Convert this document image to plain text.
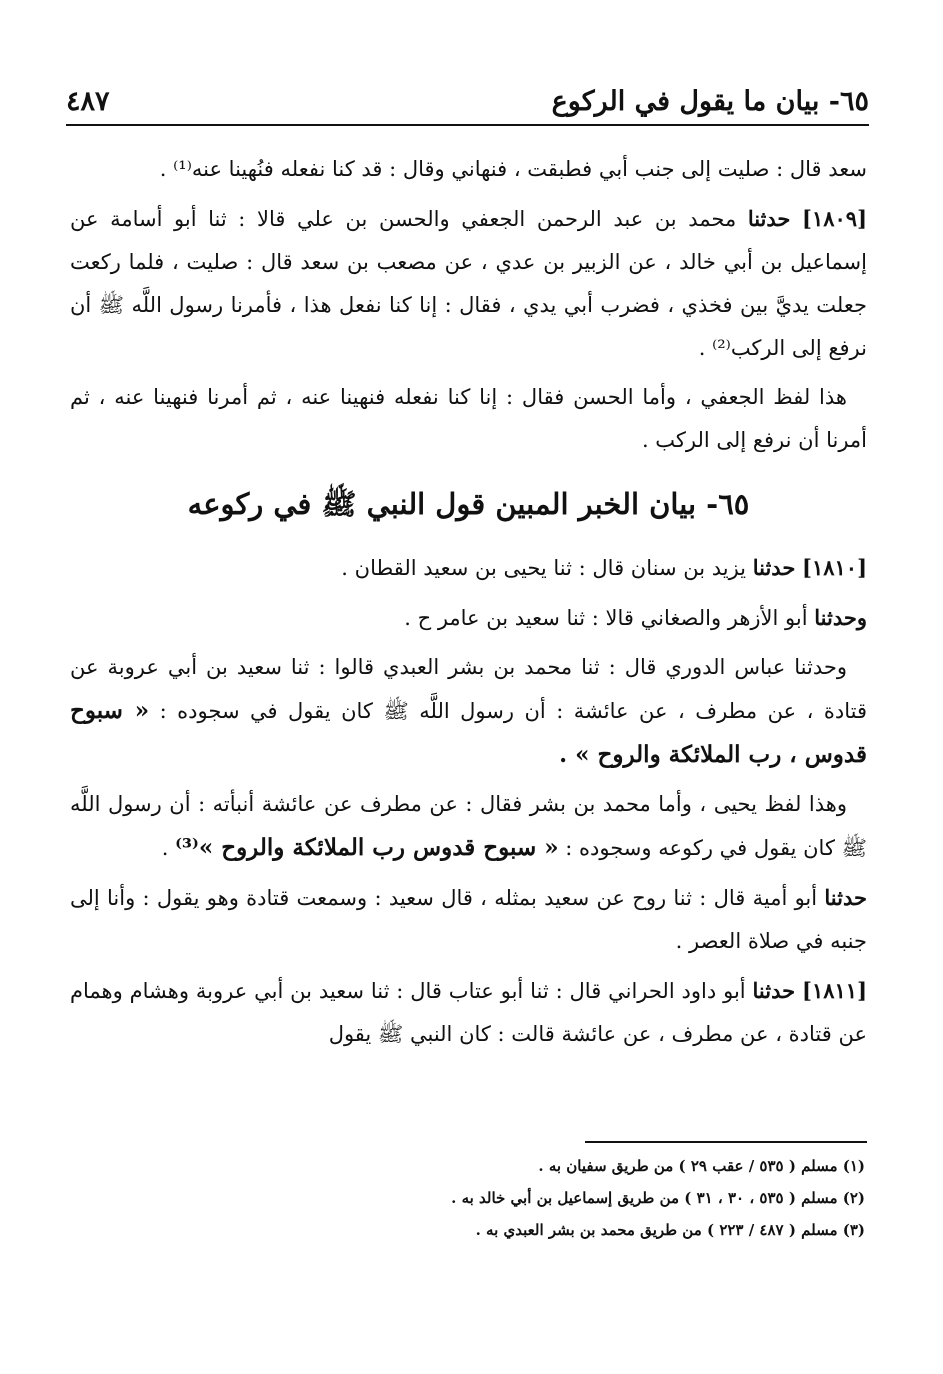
٦٥- بيان ما يقول في الركوع
٤٨٧

سعد قال : صليت إلى جنب أبي فطبقت ، فنهاني وقال : قد كنا نفعله فنُهينا عنه⁽¹⁾ .

[١٨٠٩] حدثنا محمد بن عبد الرحمن الجعفي والحسن بن علي قالا : ثنا أبو أسامة عن إسماعيل بن أبي خالد ، عن الزبير بن عدي ، عن مصعب بن سعد قال : صليت ، فلما ركعت جعلت يديَّ بين فخذي ، فضرب أبي يدي ، فقال : إنا كنا نفعل هذا ، فأمرنا رسول اللَّه ﷺ أن نرفع إلى الركب⁽²⁾ .

هذا لفظ الجعفي ، وأما الحسن فقال : إنا كنا نفعله فنهينا عنه ، ثم أمرنا فنهينا عنه ، ثم أمرنا أن نرفع إلى الركب .

٦٥- بيان الخبر المبين قول النبي ﷺ في ركوعه

[١٨١٠] حدثنا يزيد بن سنان قال : ثنا يحيى بن سعيد القطان .

وحدثنا أبو الأزهر والصغاني قالا : ثنا سعيد بن عامر ح .

وحدثنا عباس الدوري قال : ثنا محمد بن بشر العبدي قالوا : ثنا سعيد بن أبي عروبة عن قتادة ، عن مطرف ، عن عائشة : أن رسول اللَّه ﷺ كان يقول في سجوده : « سبوح قدوس ، رب الملائكة والروح » .

وهذا لفظ يحيى ، وأما محمد بن بشر فقال : عن مطرف عن عائشة أنبأته : أن رسول اللَّه ﷺ كان يقول في ركوعه وسجوده : « سبوح قدوس رب الملائكة والروح »⁽³⁾ .

حدثنا أبو أمية قال : ثنا روح عن سعيد بمثله ، قال سعيد : وسمعت قتادة وهو يقول : وأنا إلى جنبه في صلاة العصر .

[١٨١١] حدثنا أبو داود الحراني قال : ثنا أبو عتاب قال : ثنا سعيد بن أبي عروبة وهشام وهمام عن قتادة ، عن مطرف ، عن عائشة قالت : كان النبي ﷺ يقول

(١) مسلم ( ٥٣٥ / عقب ٢٩ ) من طريق سفيان به .

(٢) مسلم ( ٥٣٥ ، ٣٠ ، ٣١ ) من طريق إسماعيل بن أبي خالد به .

(٣) مسلم ( ٤٨٧ / ٢٢٣ ) من طريق محمد بن بشر العبدي به .
